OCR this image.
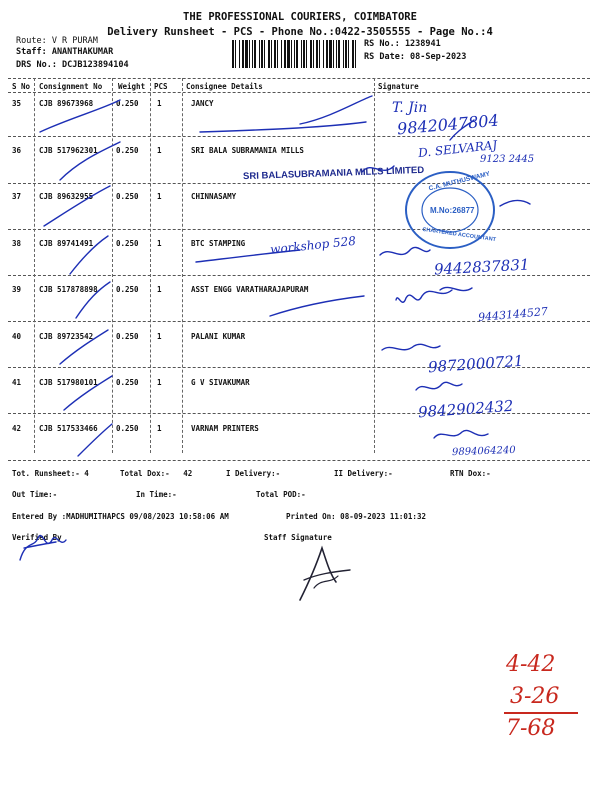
THE PROFESSIONAL COURIERS, COIMBATORE
Delivery Runsheet - PCS - Phone No.:0422-3505555 - Page No.:4
Route: V R PURAM
Staff: ANANTHAKUMAR
DRS No.: DCJB123894104
RS No.: 1238941
RS Date: 08-Sep-2023
S No Consignment No Weight PCS Consignee Details	Signature
35 CJB 89673968	0.250 1	JANCY
36 CJB 517962301 0.250 1	SRI BALA SUBRAMANIA MILLS
37 CJB 89632955	0.250 1	CHINNASAMY
38 CJB 89741491	0.250 1	BTC STAMPING
39 CJB 517878898 0.250 1	ASST ENGG VARATHARAJAPURAM
40 CJB 89723542	0.250 1	PALANI KUMAR
41 CJB 517980101 0.250 1	G V SIVAKUMAR
42 CJB 517533466 0.250 1	VARNAM PRINTERS
T. Jin
9842047804
D. SELVARAJ
9123 2445
workshop 528
9442837831
9443144527
9872000721
9842902432
9894064240
SRI BALASUBRAMANIA MILLS LIMITED C.A. MUTHUSWAMY
M.No:26877
CHARTERED ACCOUNTANT
Tot. Runsheet:- 4	Total Dox:-   42	I Delivery:-	II Delivery:-	RTN Dox:-
Out Time:-	In Time:-	Total POD:-
Entered By :MADHUMITHAPCS 09/08/2023 10:58:06 AM	Printed On: 08-09-2023 11:01:32
Verified By	Staff Signature
4-42
3-26
7-68
